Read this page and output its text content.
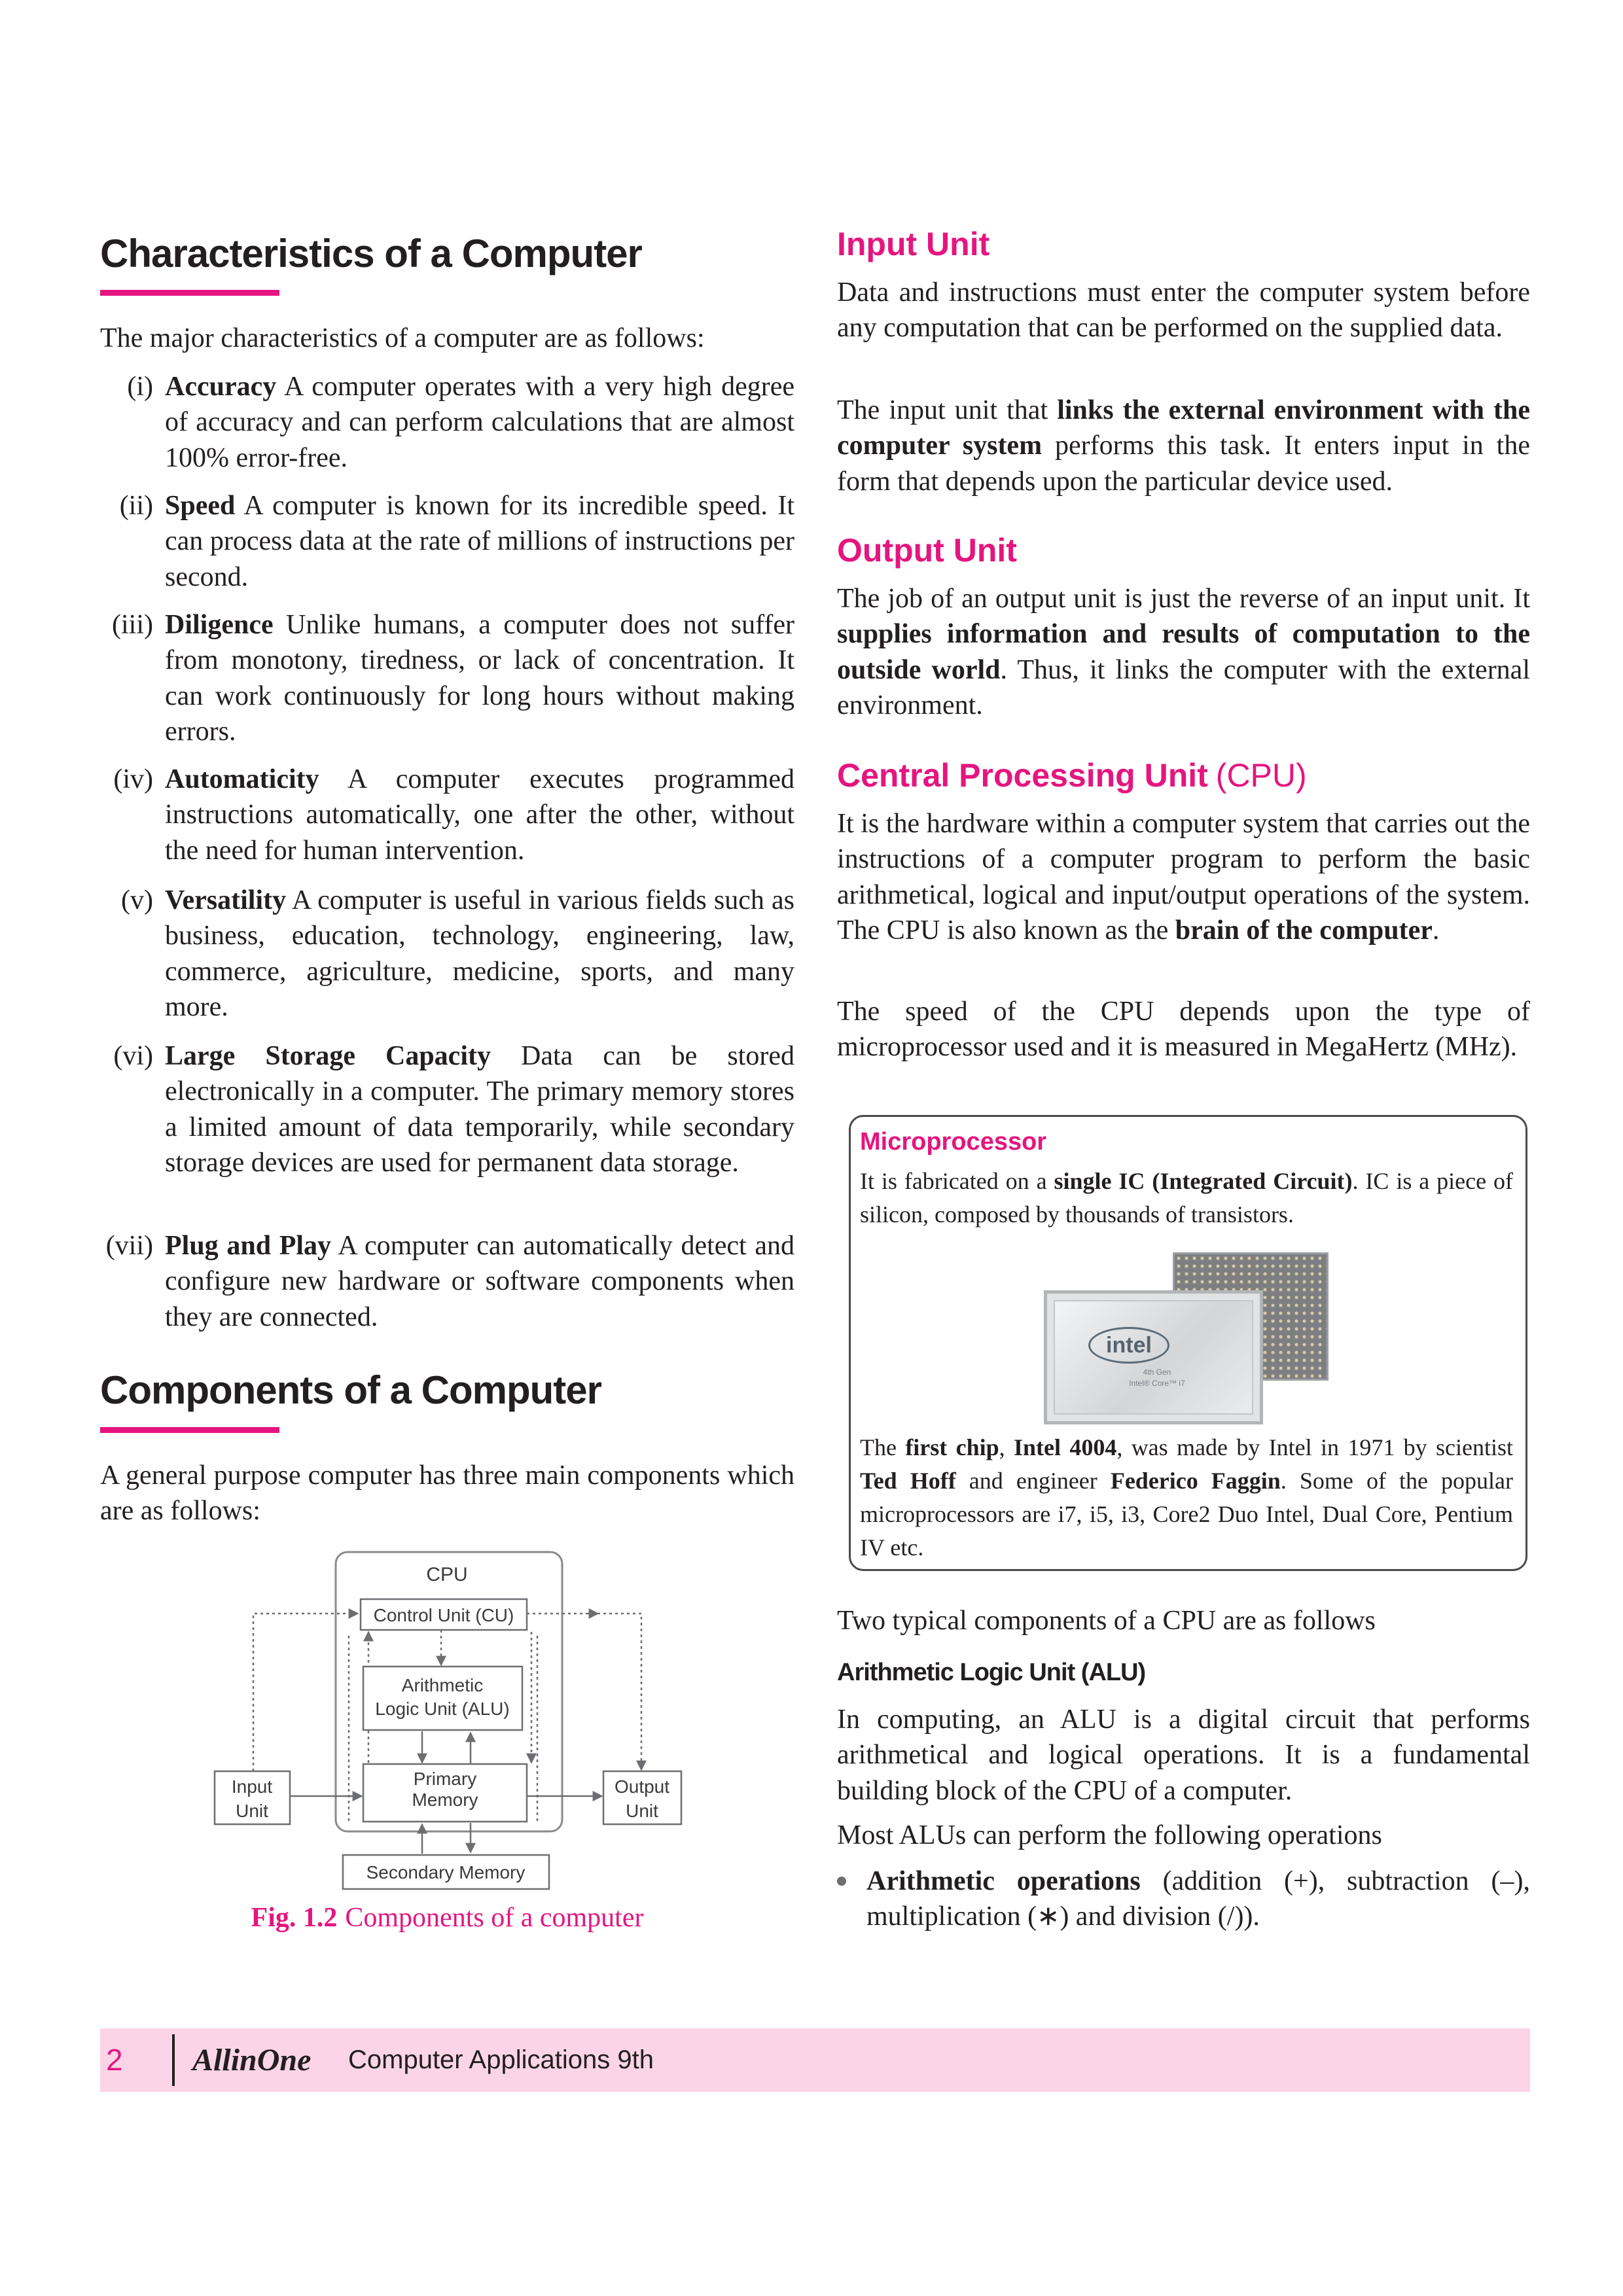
Characteristics of a Computer

The major characteristics of a computer are as follows:

(i) Accuracy A computer operates with a very high degree of accuracy and can perform calculations that are almost 100% error-free.
(ii) Speed A computer is known for its incredible speed. It can process data at the rate of millions of instructions per second.
(iii) Diligence Unlike humans, a computer does not suffer from monotony, tiredness, or lack of concentration. It can work continuously for long hours without making errors.
(iv) Automaticity A computer executes programmed instructions automatically, one after the other, without the need for human intervention.
(v) Versatility A computer is useful in various fields such as business, education, technology, engineering, law, commerce, agriculture, medicine, sports, and many more.
(vi) Large Storage Capacity Data can be stored electronically in a computer. The primary memory stores a limited amount of data temporarily, while secondary storage devices are used for permanent data storage.
(vii) Plug and Play A computer can automatically detect and configure new hardware or software components when they are connected.
Components of a Computer

A general purpose computer has three main components which are as follows:

CPU
Control Unit (CU)
Arithmetic
Logic Unit (ALU)
Primary
Memory
Input
Unit
Output
Unit
Secondary Memory
Fig. 1.2 Components of a computer
Input Unit

Data and instructions must enter the computer system before any computation that can be performed on the supplied data.

The input unit that links the external environment with the computer system performs this task. It enters input in the form that depends upon the particular device used.

Output Unit

The job of an output unit is just the reverse of an input unit. It supplies information and results of computation to the outside world. Thus, it links the computer with the external environment.

Central Processing Unit (CPU)

It is the hardware within a computer system that carries out the instructions of a computer program to perform the basic arithmetical, logical and input/output operations of the system. The CPU is also known as the brain of the computer.

The speed of the CPU depends upon the type of microprocessor used and it is measured in MegaHertz (MHz).

Microprocessor

It is fabricated on a single IC (Integrated Circuit). IC is a piece of silicon, composed by thousands of transistors.

intel
4th Gen
Intel® Core™ i7

The first chip, Intel 4004, was made by Intel in 1971 by scientist Ted Hoff and engineer Federico Faggin. Some of the popular microprocessors are i7, i5, i3, Core2 Duo Intel, Dual Core, Pentium IV etc.

Two typical components of a CPU are as follows

Arithmetic Logic Unit (ALU)

In computing, an ALU is a digital circuit that performs arithmetical and logical operations. It is a fundamental building block of the CPU of a computer.

Most ALUs can perform the following operations

Arithmetic operations (addition (+), subtraction (–), multiplication (∗) and division (/)).

2 AllinOne Computer Applications 9th
